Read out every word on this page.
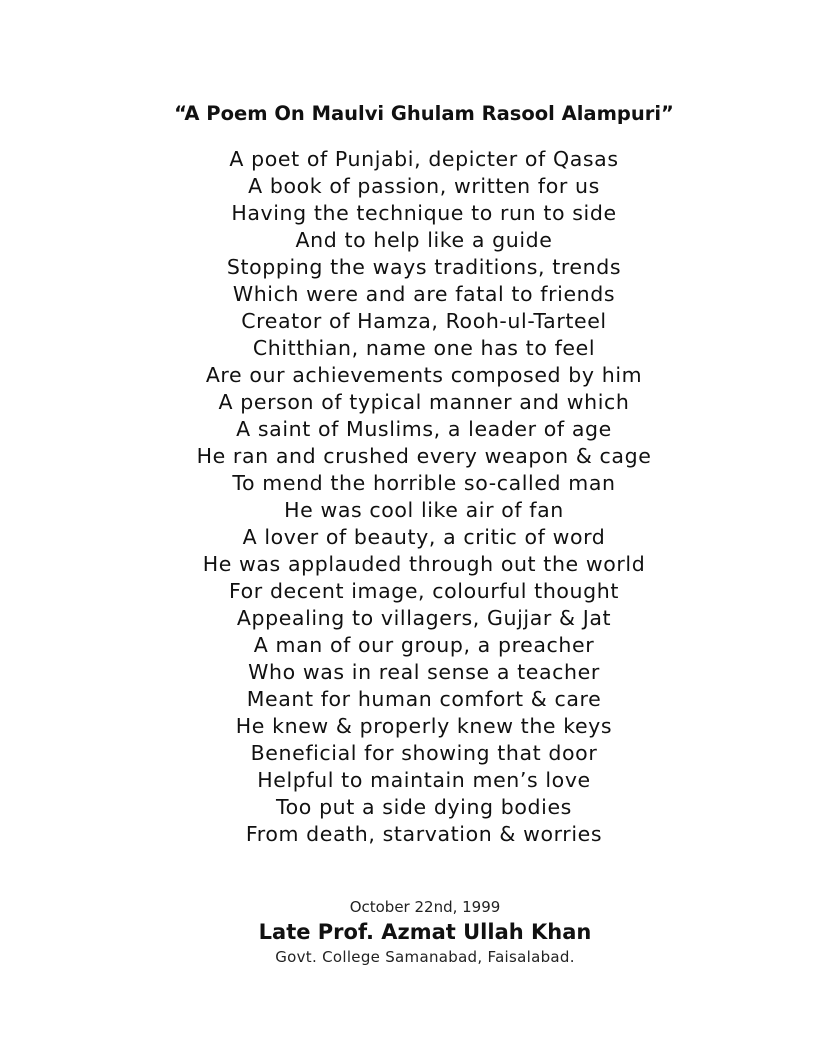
“A Poem On Maulvi Ghulam Rasool Alampuri”
A poet of Punjabi, depicter of Qasas
A book of passion, written for us
Having the technique to run to side
And to help like a guide
Stopping the ways traditions, trends
Which were and are fatal to friends
Creator of Hamza, Rooh-ul-Tarteel
Chitthian, name one has to feel
Are our achievements composed by him
A person of typical manner and which
A saint of Muslims, a leader of age
He ran and crushed every weapon & cage
To mend the horrible so-called man
He was cool like air of fan
A lover of beauty, a critic of word
He was applauded through out the world
For decent image, colourful thought
Appealing to villagers, Gujjar & Jat
A man of our group, a preacher
Who was in real sense a teacher
Meant for human comfort & care
He knew & properly knew the keys
Beneficial for showing that door
Helpful to maintain men’s love
Too put a side dying bodies
From death, starvation & worries
October 22nd, 1999
Late Prof. Azmat Ullah Khan
Govt. College Samanabad, Faisalabad.
